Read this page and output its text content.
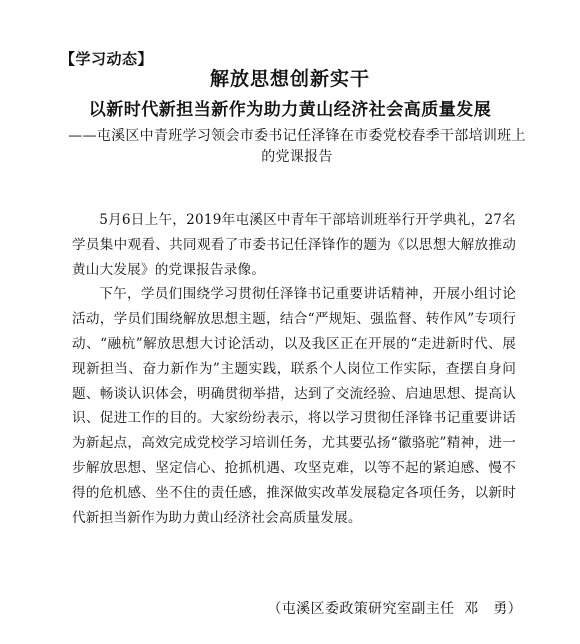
【学习动态】
解放思想创新实干
以新时代新担当新作为助力黄山经济社会高质量发展
——屯溪区中青班学习领会市委书记任泽锋在市委党校春季干部培训班上的党课报告

5月6日上午，2019年屯溪区中青年干部培训班举行开学典礼，27名学员集中观看、共同观看了市委书记任泽锋作的题为《以思想大解放推动黄山大发展》的党课报告录像。

下午，学员们围绕学习贯彻任泽锋书记重要讲话精神，开展小组讨论活动，学员们围绕解放思想主题，结合“严规矩、强监督、转作风”专项行动、“融杭”解放思想大讨论活动，以及我区正在开展的“走进新时代、展现新担当、奋力新作为”主题实践，联系个人岗位工作实际，查摆自身问题、畅谈认识体会，明确贯彻举措，达到了交流经验、启迪思想、提高认识、促进工作的目的。大家纷纷表示，将以学习贯彻任泽锋书记重要讲话为新起点，高效完成党校学习培训任务，尤其要弘扬“徽骆驼”精神，进一步解放思想、坚定信心、抢抓机遇、攻坚克难，以等不起的紧迫感、慢不得的危机感、坐不住的责任感，推深做实改革发展稳定各项任务，以新时代新担当新作为助力黄山经济社会高质量发展。

（屯溪区委政策研究室副主任  邓   勇）
